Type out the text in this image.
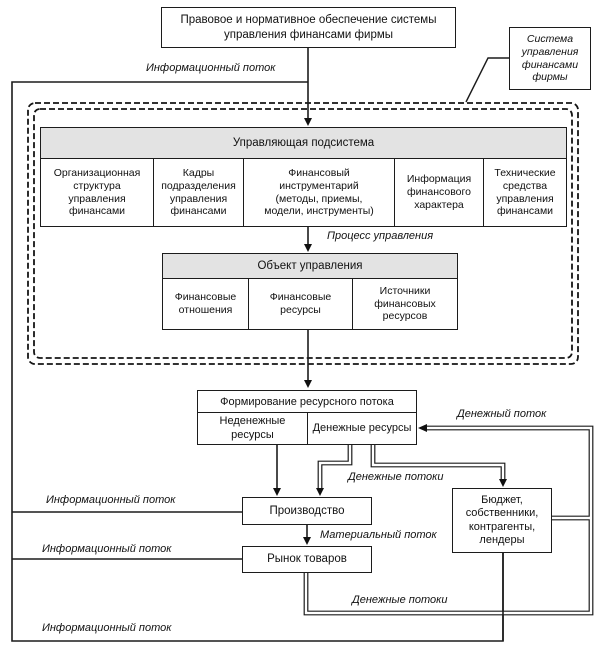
Правовое и нормативное обеспечение системы управления финансами фирмы	Система управления финансами фирмы
Информационный поток
Управляющая подсистема
Организационная структура управления финансами
Кадры подразделения управления финансами
Финансовый инструментарий (методы, приемы, модели, инструменты)
Информация финансового характера
Технические средства управления финансами
Процесс управления
Объект управления
Финансовые отношения
Финансовые ресурсы
Источники финансовых ресурсов
Формирование ресурсного потока
Неденежные ресурсы
Денежные ресурсы
Денежный поток
Денежные потоки
Производство
Информационный поток
Материальный поток
Рынок товаров
Информационный поток
Бюджет, собственники, контрагенты, лендеры
Денежные потоки
Информационный поток
